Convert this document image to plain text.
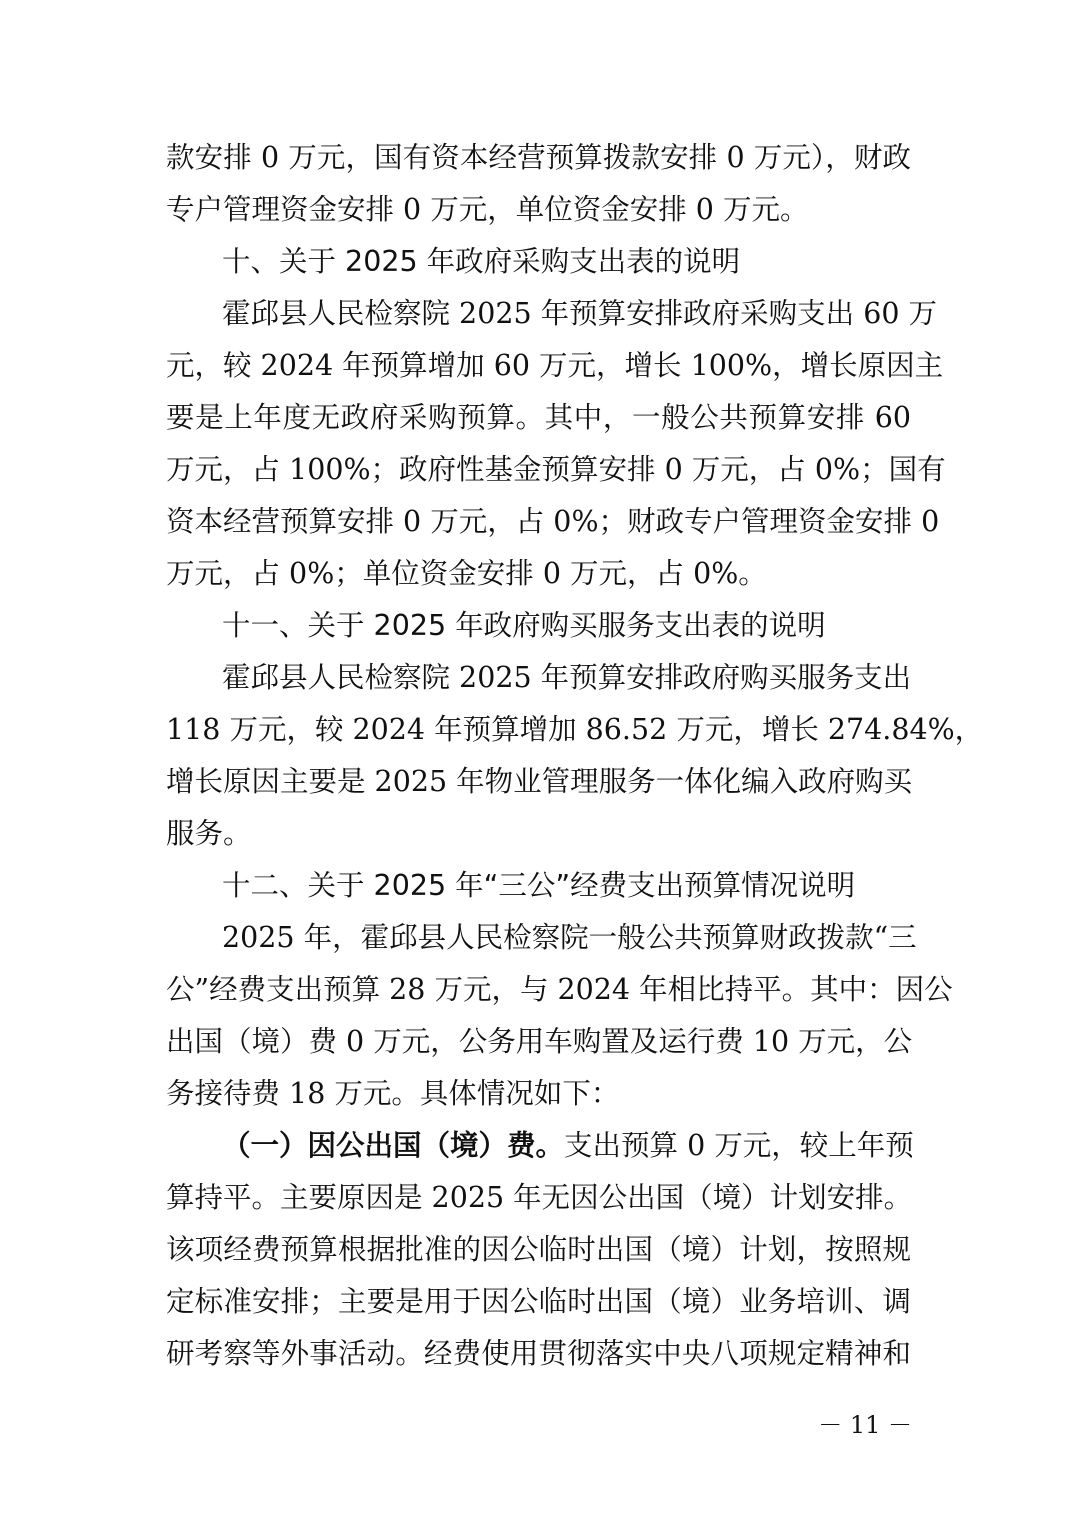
款安排 0 万元，国有资本经营预算拨款安排 0 万元），财政
专户管理资金安排 0 万元，单位资金安排 0 万元。
十、关于 2025 年政府采购支出表的说明
霍邱县人民检察院 2025 年预算安排政府采购支出 60 万
元，较 2024 年预算增加 60 万元，增长 100%，增长原因主
要是上年度无政府采购预算。其中，一般公共预算安排 60
万元，占 100%；政府性基金预算安排 0 万元，占 0%；国有
资本经营预算安排 0 万元，占 0%；财政专户管理资金安排 0
万元，占 0%；单位资金安排 0 万元，占 0%。
十一、关于 2025 年政府购买服务支出表的说明
霍邱县人民检察院 2025 年预算安排政府购买服务支出
118 万元，较 2024 年预算增加 86.52 万元，增长 274.84%，
增长原因主要是 2025 年物业管理服务一体化编入政府购买
服务。
十二、关于 2025 年“三公”经费支出预算情况说明
2025 年，霍邱县人民检察院一般公共预算财政拨款“三
公”经费支出预算 28 万元，与 2024 年相比持平。其中：因公
出国（境）费 0 万元，公务用车购置及运行费 10 万元，公
务接待费 18 万元。具体情况如下：
（一）因公出国（境）费。支出预算 0 万元，较上年预
算持平。主要原因是 2025 年无因公出国（境）计划安排。
该项经费预算根据批准的因公临时出国（境）计划，按照规
定标准安排；主要是用于因公临时出国（境）业务培训、调
研考察等外事活动。经费使用贯彻落实中央八项规定精神和
－ 11 －
